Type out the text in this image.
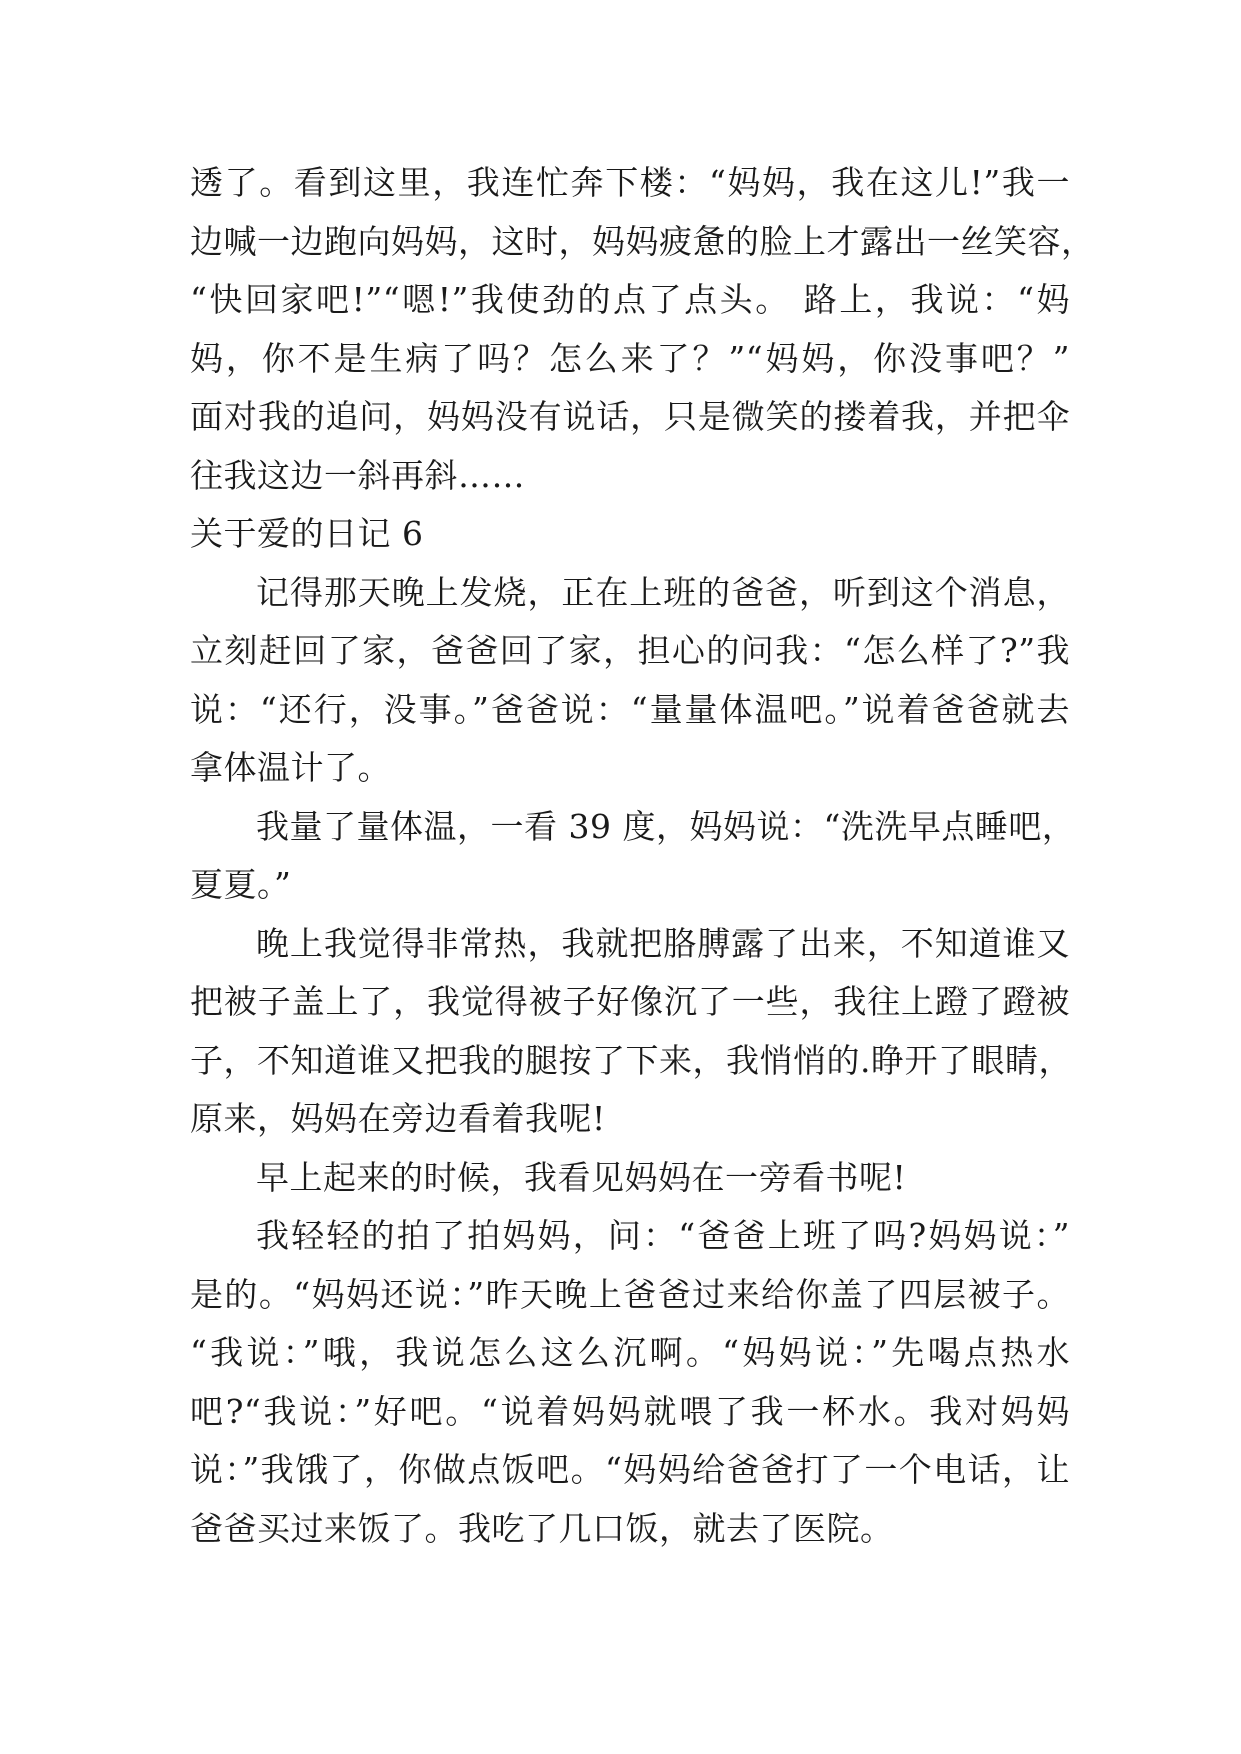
透了。看到这里，我连忙奔下楼：“妈妈，我在这儿!”我一
边喊一边跑向妈妈，这时，妈妈疲惫的脸上才露出一丝笑容，
“快回家吧!”“嗯!”我使劲的点了点头。 路上，我说：“妈
妈，你不是生病了吗？怎么来了？”“妈妈，你没事吧？”
面对我的追问，妈妈没有说话，只是微笑的搂着我，并把伞
往我这边一斜再斜……
关于爱的日记 6
记得那天晚上发烧，正在上班的爸爸，听到这个消息，
立刻赶回了家，爸爸回了家，担心的问我：“怎么样了?”我
说：“还行，没事。”爸爸说：“量量体温吧。”说着爸爸就去
拿体温计了。
我量了量体温，一看 39 度，妈妈说：“洗洗早点睡吧，
夏夏。”
晚上我觉得非常热，我就把胳膊露了出来，不知道谁又
把被子盖上了，我觉得被子好像沉了一些，我往上蹬了蹬被
子，不知道谁又把我的腿按了下来，我悄悄的.睁开了眼睛，
原来，妈妈在旁边看着我呢!
早上起来的时候，我看见妈妈在一旁看书呢!
我轻轻的拍了拍妈妈，问：“爸爸上班了吗?妈妈说：”
是的。“妈妈还说：”昨天晚上爸爸过来给你盖了四层被子。
“我说：”哦，我说怎么这么沉啊。“妈妈说：”先喝点热水
吧?“我说：”好吧。“说着妈妈就喂了我一杯水。我对妈妈
说：”我饿了，你做点饭吧。“妈妈给爸爸打了一个电话，让
爸爸买过来饭了。我吃了几口饭，就去了医院。
